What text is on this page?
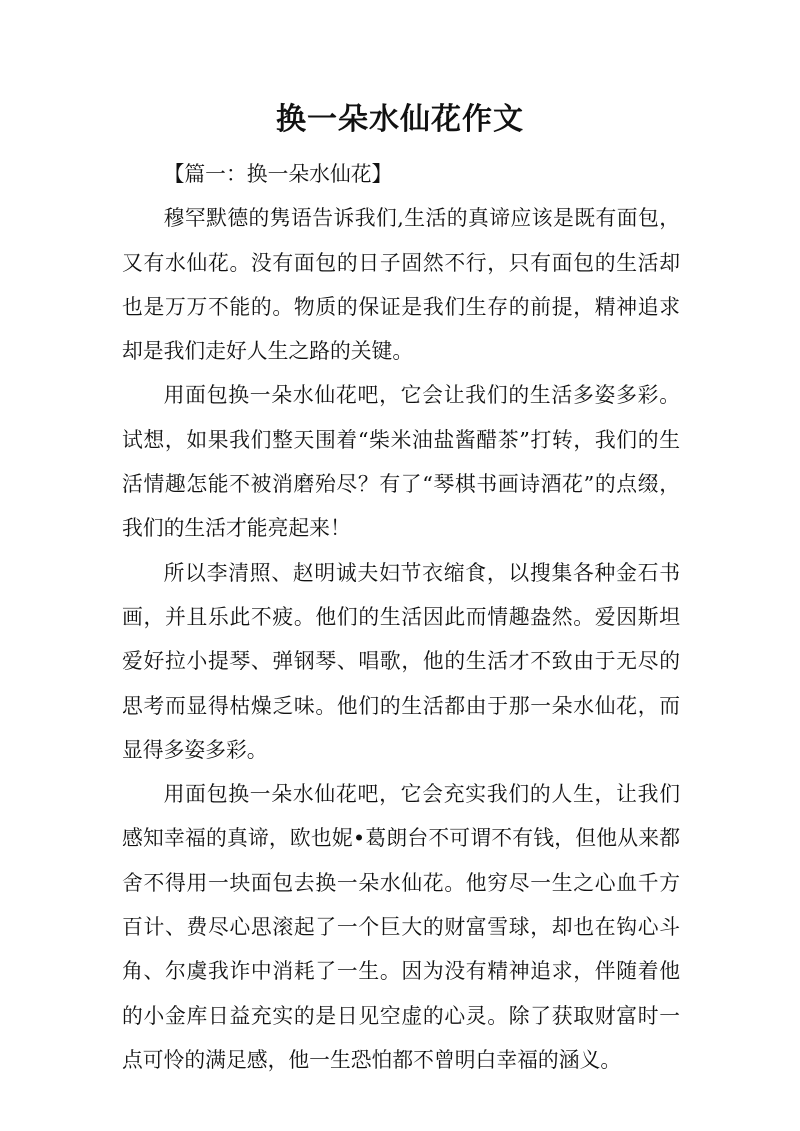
换一朵水仙花作文

【篇一：换一朵水仙花】

穆罕默德的隽语告诉我们,生活的真谛应该是既有面包，又有水仙花。没有面包的日子固然不行，只有面包的生活却也是万万不能的。物质的保证是我们生存的前提，精神追求却是我们走好人生之路的关键。

用面包换一朵水仙花吧，它会让我们的生活多姿多彩。试想，如果我们整天围着“柴米油盐酱醋茶”打转，我们的生活情趣怎能不被消磨殆尽？有了“琴棋书画诗酒花”的点缀，我们的生活才能亮起来！

所以李清照、赵明诚夫妇节衣缩食，以搜集各种金石书画，并且乐此不疲。他们的生活因此而情趣盎然。爱因斯坦爱好拉小提琴、弹钢琴、唱歌，他的生活才不致由于无尽的思考而显得枯燥乏味。他们的生活都由于那一朵水仙花，而显得多姿多彩。

用面包换一朵水仙花吧，它会充实我们的人生，让我们感知幸福的真谛，欧也妮•葛朗台不可谓不有钱，但他从来都舍不得用一块面包去换一朵水仙花。他穷尽一生之心血千方百计、费尽心思滚起了一个巨大的财富雪球，却也在钩心斗角、尔虞我诈中消耗了一生。因为没有精神追求，伴随着他的小金库日益充实的是日见空虚的心灵。除了获取财富时一点可怜的满足感，他一生恐怕都不曾明白幸福的涵义。
